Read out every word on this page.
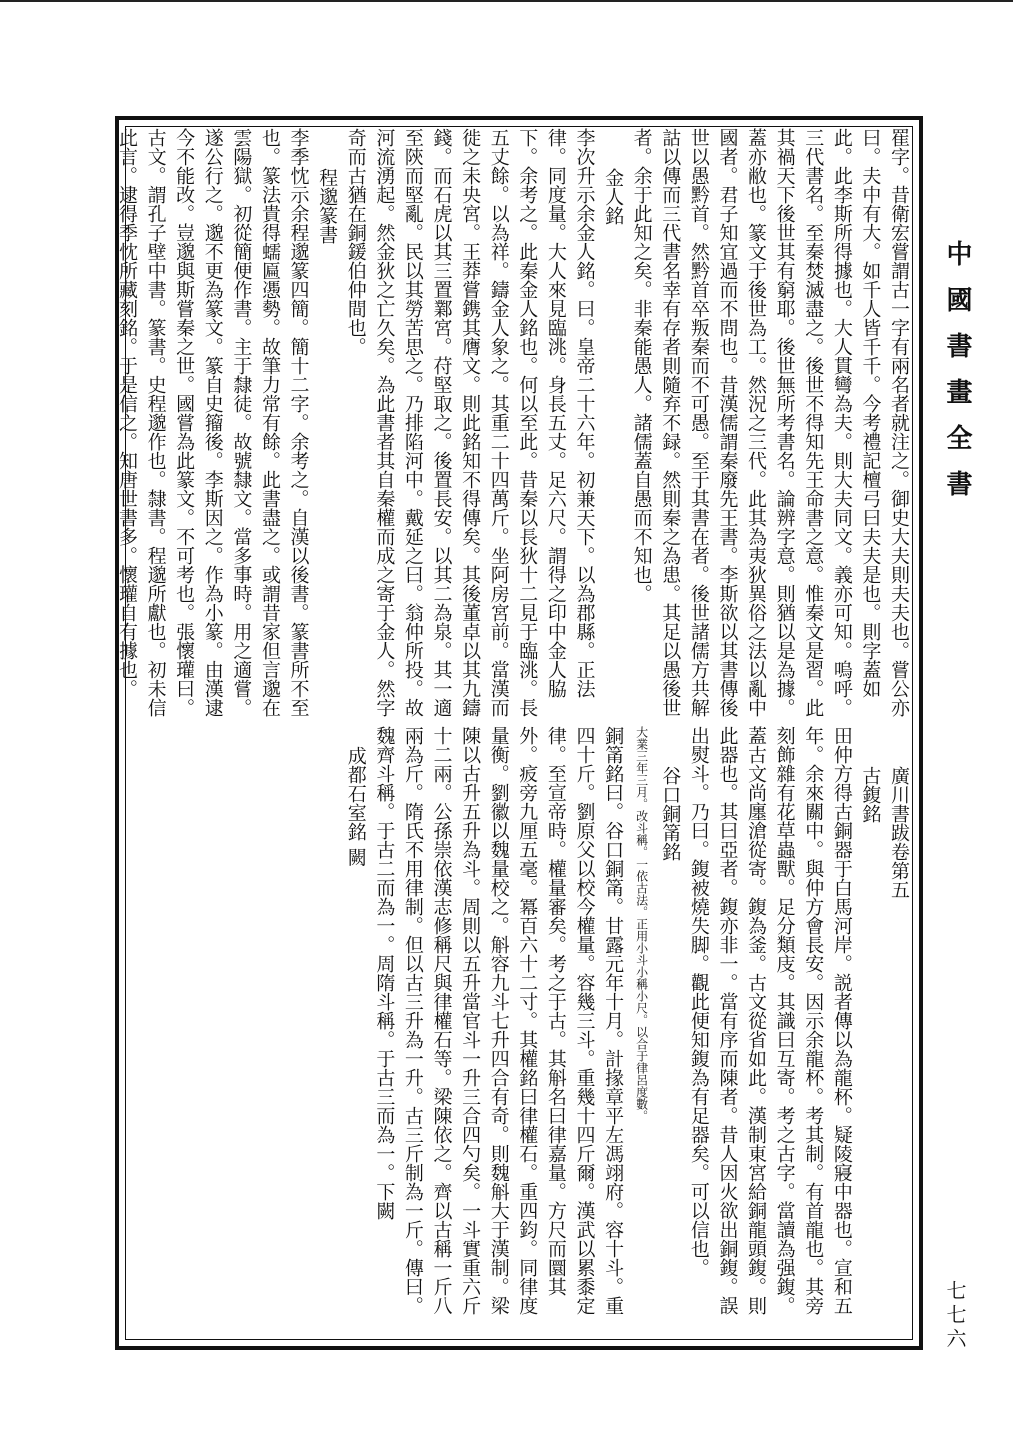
中國書畫全書
七七六

䍜字。昔衛宏嘗謂古一字有兩名者就注之。御史大夫則夫夫也。嘗公亦曰。夫中有大。如千人皆千千。今考禮記檀弓曰夫夫是也。則字蓋如此。此李斯所得據也。大人貫彎為夫。則大夫同文。義亦可知。嗚呼。三代書名。至秦焚滅盡之。後世不得知先王命書之意。惟秦文是習。此其禍天下後世其有窮耶。後世無所考書名。論辨字意。則猶以是為據。蓋亦敝也。篆文于後世為工。然況之三代。此其為夷狄異俗之法以亂中國者。君子知宜過而不問也。昔漢儒謂秦廢先王書。李斯欲以其書傳後世以愚黔首。然黔首卒叛秦而不可愚。至于其書在者。後世諸儒方共解詁以傳而三代書名幸有存者則隨弃不録。然則秦之為患。其足以愚後世者。余于此知之矣。非秦能愚人。諸儒蓋自愚而不知也。

金人銘

李次升示余金人銘。曰。皇帝二十六年。初兼天下。以為郡縣。正法律。同度量。大人來見臨洮。身長五丈。足六尺。謂得之印中金人脇下。余考之。此秦金人銘也。何以至此。昔秦以長狄十二見于臨洮。長五丈餘。以為祥。鑄金人象之。其重二十四萬斤。坐阿房宮前。當漢而徙之未央宮。王莽嘗鎸其膺文。則此銘知不得傳矣。其後董卓以其九鑄錢。而石虎以其三置鄴宮。苻堅取之。後置長安。以其二為泉。其一適至陝而堅亂。民以其勞苦思之。乃排陷河中。戴延之曰。翁仲所投。故河流湧起。然金狄之亡久矣。為此書者其自秦權而成之寄于金人。然字奇而古猶在銅鍰伯仲間也。

程邈篆書

李季忱示余程邈篆四簡。簡十二字。余考之。自漢以後書。篆書所不至也。篆法貴得蠕匾慿勢。故筆力常有餘。此書盡之。或謂昔家但言邈在雲陽獄。初從簡便作書。主于隸徒。故號隸文。當多事時。用之適嘗。遂公行之。邈不更為篆文。篆自史籀後。李斯因之。作為小篆。由漢逮今不能改。豈邈與斯嘗秦之世。國嘗為此篆文。不可考也。張懷瓘曰。古文。謂孔子壁中書。篆書。史程邈作也。隸書。程邈所獻也。初未信此言。逮得季忱所藏刻銘。于是信之。知唐世書多。懷瓘自有據也。

廣川書跋卷第五

古鍑銘

田仲方得古銅器于白馬河岸。説者傳以為龍杯。疑陵寢中器也。宣和五年。余來關中。與仲方會長安。因示余龍杯。考其制。有首龍也。其旁刻飾雜有花草蟲獸。足分類庋。其識曰互寄。考之古字。當讀為强鍑。蓋古文尚廛滄從寄。鍑為釜。古文從省如此。漢制東宮給銅龍頭鍑。則此器也。其曰亞者。鍑亦非一。當有序而陳者。昔人因火欲出銅鍑。誤出熨斗。乃曰。鍑被燒失脚。觀此便知鍑為有足器矣。可以信也。

谷口銅筩銘

大業三年三月。改斗稱。一依古法。正用小斗小稱小尺。以合于律呂度數。

銅筩銘曰。谷口銅筩。甘露元年十月。計掾章平左馮翊府。容十斗。重四十斤。劉原父以校今權量。容幾三斗。重幾十四斤爾。漢武以累黍定律。至宣帝時。權量審矣。考之于古。其斛名曰律嘉量。方尺而圜其外。㽹旁九厘五毫。冪百六十二寸。其權銘曰律權石。重四鈞。同律度量衡。劉徽以魏量校之。斛容九斗七升四合有奇。則魏斛大于漢制。梁陳以古升五升為斗。周則以五升當官斗一升三合四勺矣。一斗實重六斤十二兩。公孫崇依漢志修稱尺與律權石等。梁陳依之。齊以古稱一斤八兩為斤。隋氏不用律制。但以古三升為一升。古三斤制為一斤。傳曰。魏齊斗稱。于古二而為一。周隋斗稱。于古三而為一。下闕

成都石室銘 闕
